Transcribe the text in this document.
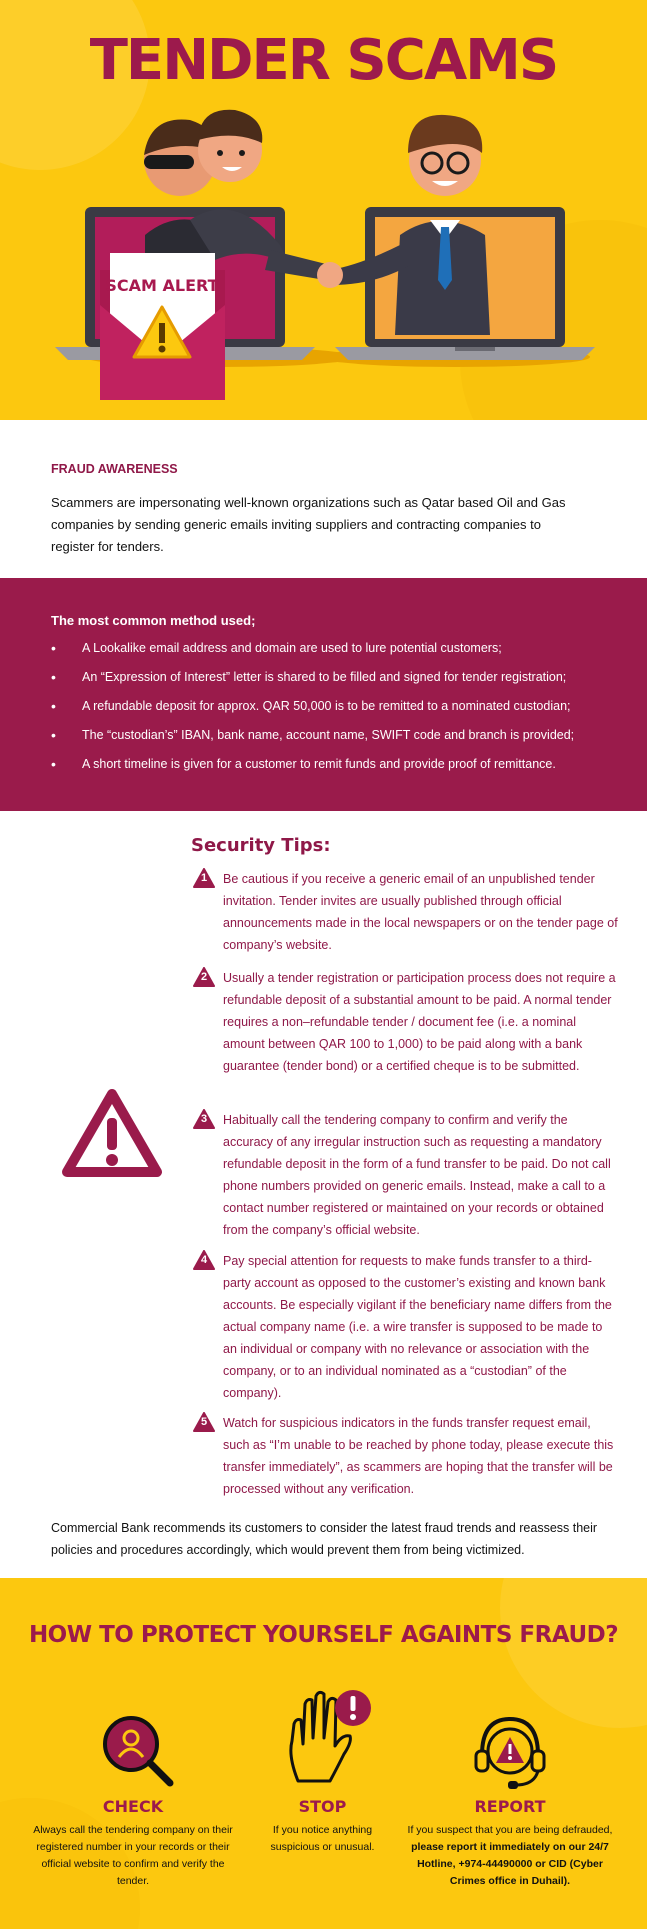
TENDER SCAMS
SCAM ALERT
FRAUD AWARENESS
Scammers are impersonating well-known organizations such as Qatar based Oil and Gas companies by sending generic emails inviting suppliers and contracting companies to register for tenders.
The most common method used;
• A Lookalike email address and domain are used to lure potential customers;
• An “Expression of Interest” letter is shared to be filled and signed for tender registration;
• A refundable deposit for approx. QAR 50,000 is to be remitted to a nominated custodian;
• The “custodian’s” IBAN, bank name, account name, SWIFT code and branch is provided;
• A short timeline is given for a customer to remit funds and provide proof of remittance.
Security Tips:
1	Be cautious if you receive a generic email of an unpublished tender invitation. Tender invites are usually published through official announcements made in the local newspapers or on the tender page of company’s website.
2	Usually a tender registration or participation process does not require a refundable deposit of a substantial amount to be paid. A normal tender requires a non–refundable tender / document fee (i.e. a nominal amount between QAR 100 to 1,000) to be paid along with a bank guarantee (tender bond) or a certified cheque is to be submitted.
3	Habitually call the tendering company to confirm and verify the accuracy of any irregular instruction such as requesting a mandatory refundable deposit in the form of a fund transfer to be paid. Do not call phone numbers provided on generic emails. Instead, make a call to a contact number registered or maintained on your records or obtained from the company’s official website.
4	Pay special attention for requests to make funds transfer to a third-party account as opposed to the customer’s existing and known bank accounts. Be especially vigilant if the beneficiary name differs from the actual company name (i.e. a wire transfer is supposed to be made to an individual or company with no relevance or association with the company, or to an individual nominated as a “custodian” of the company).
5	Watch for suspicious indicators in the funds transfer request email, such as “I’m unable to be reached by phone today, please execute this transfer immediately”, as scammers are hoping that the transfer will be processed without any verification.
Commercial Bank recommends its customers to consider the latest fraud trends and reassess their policies and procedures accordingly, which would prevent them from being victimized.
HOW TO PROTECT YOURSELF AGAINTS FRAUD?
CHECK
Always call the tendering company on their registered number in your records or their official website to confirm and verify the tender.
STOP
If you notice anything suspicious or unusual.
REPORT
If you suspect that you are being defrauded, please report it immediately on our 24/7 Hotline, +974-44490000 or CID (Cyber Crimes office in Duhail).
